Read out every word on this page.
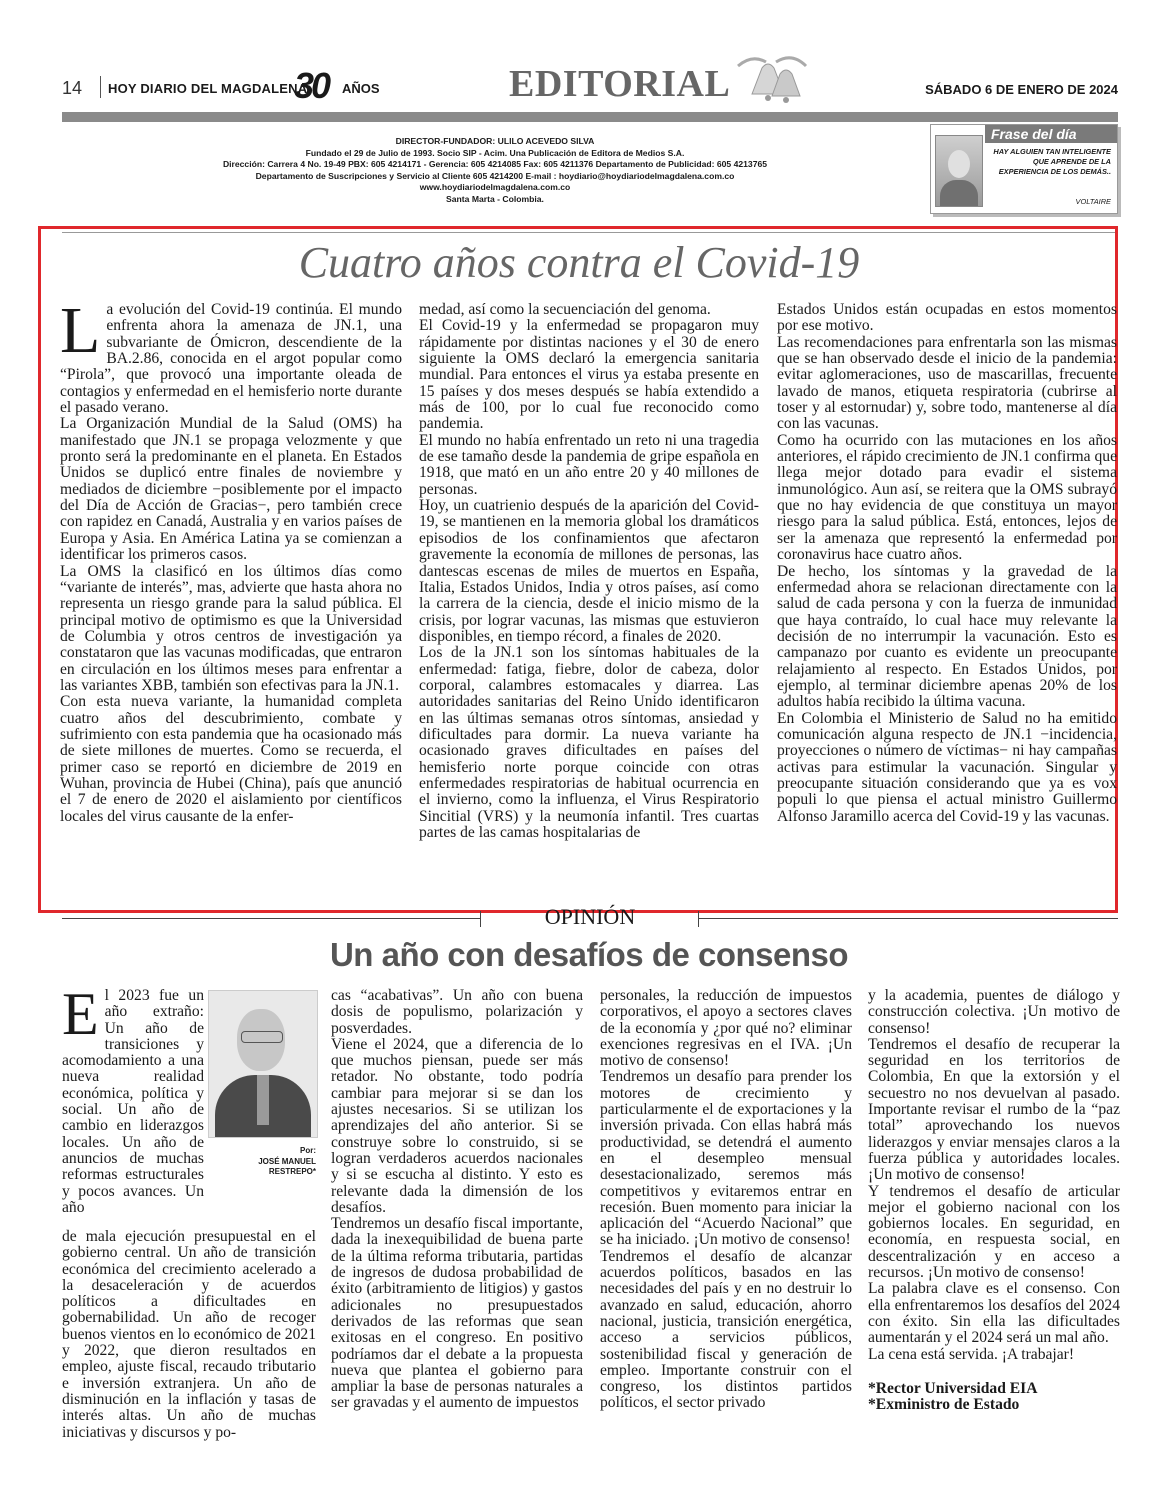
14 HOY DIARIO DEL MAGDALENA
30 AÑOS	EDITORIAL	SÁBADO 6 DE ENERO DE 2024
DIRECTOR-FUNDADOR: ULILO ACEVEDO SILVA
Fundado el 29 de Julio de 1993. Socio SIP - Acim. Una Publicación de Editora de Medios S.A.
Dirección: Carrera 4 No. 19-49 PBX: 605 4214171 - Gerencia: 605 4214085 Fax: 605 4211376 Departamento de Publicidad: 605 4213765
Departamento de Suscripciones y Servicio al Cliente 605 4214200 E-mail : hoydiario@hoydiariodelmagdalena.com.co
www.hoydiariodelmagdalena.com.co
Santa Marta - Colombia.
Frase del día
HAY ALGUIEN TAN INTELIGENTE QUE APRENDE DE LA EXPERIENCIA DE LOS DEMÁS..
VOLTAIRE
Cuatro años contra el Covid-19

La evolución del Covid-19 continúa. El mundo enfrenta ahora la amenaza de JN.1, una subvariante de Ómicron, descendiente de la BA.2.86, conocida en el argot popular como “Pirola”, que provocó una importante oleada de contagios y enfermedad en el hemisferio norte durante el pasado verano.

La Organización Mundial de la Salud (OMS) ha manifestado que JN.1 se propaga velozmente y que pronto será la predominante en el planeta. En Estados Unidos se duplicó entre finales de noviembre y mediados de diciembre −posiblemente por el impacto del Día de Acción de Gracias−, pero también crece con rapidez en Canadá, Australia y en varios países de Europa y Asia. En América Latina ya se comienzan a identificar los primeros casos.

La OMS la clasificó en los últimos días como “variante de interés”, mas, advierte que hasta ahora no representa un riesgo grande para la salud pública. El principal motivo de optimismo es que la Universidad de Columbia y otros centros de investigación ya constataron que las vacunas modificadas, que entraron en circulación en los últimos meses para enfrentar a las variantes XBB, también son efectivas para la JN.1.

Con esta nueva variante, la humanidad completa cuatro años del descubrimiento, combate y sufrimiento con esta pandemia que ha ocasionado más de siete millones de muertes. Como se recuerda, el primer caso se reportó en diciembre de 2019 en Wuhan, provincia de Hubei (China), país que anunció el 7 de enero de 2020 el aislamiento por científicos locales del virus causante de la enfer-

medad, así como la secuenciación del genoma.

El Covid-19 y la enfermedad se propagaron muy rápidamente por distintas naciones y el 30 de enero siguiente la OMS declaró la emergencia sanitaria mundial. Para entonces el virus ya estaba presente en 15 países y dos meses después se había extendido a más de 100, por lo cual fue reconocido como pandemia.

El mundo no había enfrentado un reto ni una tragedia de ese tamaño desde la pandemia de gripe española en 1918, que mató en un año entre 20 y 40 millones de personas.

Hoy, un cuatrienio después de la aparición del Covid-19, se mantienen en la memoria global los dramáticos episodios de los confinamientos que afectaron gravemente la economía de millones de personas, las dantescas escenas de miles de muertos en España, Italia, Estados Unidos, India y otros países, así como la carrera de la ciencia, desde el inicio mismo de la crisis, por lograr vacunas, las mismas que estuvieron disponibles, en tiempo récord, a finales de 2020.

Los de la JN.1 son los síntomas habituales de la enfermedad: fatiga, fiebre, dolor de cabeza, dolor corporal, calambres estomacales y diarrea. Las autoridades sanitarias del Reino Unido identificaron en las últimas semanas otros síntomas, ansiedad y dificultades para dormir. La nueva variante ha ocasionado graves dificultades en países del hemisferio norte porque coincide con otras enfermedades respiratorias de habitual ocurrencia en el invierno, como la influenza, el Virus Respiratorio Sincitial (VRS) y la neumonía infantil. Tres cuartas partes de las camas hospitalarias de

Estados Unidos están ocupadas en estos momentos por ese motivo.

Las recomendaciones para enfrentarla son las mismas que se han observado desde el inicio de la pandemia: evitar aglomeraciones, uso de mascarillas, frecuente lavado de manos, etiqueta respiratoria (cubrirse al toser y al estornudar) y, sobre todo, mantenerse al día con las vacunas.

Como ha ocurrido con las mutaciones en los años anteriores, el rápido crecimiento de JN.1 confirma que llega mejor dotado para evadir el sistema inmunológico. Aun así, se reitera que la OMS subrayó que no hay evidencia de que constituya un mayor riesgo para la salud pública. Está, entonces, lejos de ser la amenaza que representó la enfermedad por coronavirus hace cuatro años.

De hecho, los síntomas y la gravedad de la enfermedad ahora se relacionan directamente con la salud de cada persona y con la fuerza de inmunidad que haya contraído, lo cual hace muy relevante la decisión de no interrumpir la vacunación. Esto es campanazo por cuanto es evidente un preocupante relajamiento al respecto. En Estados Unidos, por ejemplo, al terminar diciembre apenas 20% de los adultos había recibido la última vacuna.

En Colombia el Ministerio de Salud no ha emitido comunicación alguna respecto de JN.1 −incidencia, proyecciones o número de víctimas− ni hay campañas activas para estimular la vacunación. Singular y preocupante situación considerando que ya es vox populi lo que piensa el actual ministro Guillermo Alfonso Jaramillo acerca del Covid-19 y las vacunas.

OPINIÓN
Un año con desafíos de consenso

El 2023 fue un año extraño: Un año de transiciones y acomodamiento a una nueva realidad económica, política y social. Un año de cambio en liderazgos locales. Un año de anuncios de muchas reformas estructurales y pocos avances. Un año

Por:
JOSÉ MANUEL RESTREPO*

de mala ejecución presupuestal en el gobierno central. Un año de transición económica del crecimiento acelerado a la desaceleración y de acuerdos políticos a dificultades en gobernabilidad. Un año de recoger buenos vientos en lo económico de 2021 y 2022, que dieron resultados en empleo, ajuste fiscal, recaudo tributario e inversión extranjera. Un año de disminución en la inflación y tasas de interés altas. Un año de muchas iniciativas y discursos y po-

cas “acabativas”. Un año con buena dosis de populismo, polarización y posverdades.

Viene el 2024, que a diferencia de lo que muchos piensan, puede ser más retador. No obstante, todo podría cambiar para mejorar si se dan los ajustes necesarios. Si se utilizan los aprendizajes del año anterior. Si se construye sobre lo construido, si se logran verdaderos acuerdos nacionales y si se escucha al distinto. Y esto es relevante dada la dimensión de los desafíos.

Tendremos un desafío fiscal importante, dada la inexequibilidad de buena parte de la última reforma tributaria, partidas de ingresos de dudosa probabilidad de éxito (arbitramiento de litigios) y gastos adicionales no presupuestados derivados de las reformas que sean exitosas en el congreso. En positivo podríamos dar el debate a la propuesta nueva que plantea el gobierno para ampliar la base de personas naturales a ser gravadas y el aumento de impuestos

personales, la reducción de impuestos corporativos, el apoyo a sectores claves de la economía y ¿por qué no? eliminar exenciones regresivas en el IVA. ¡Un motivo de consenso!

Tendremos un desafío para prender los motores de crecimiento y particularmente el de exportaciones y la inversión privada. Con ellas habrá más productividad, se detendrá el aumento en el desempleo mensual desestacionalizado, seremos más competitivos y evitaremos entrar en recesión. Buen momento para iniciar la aplicación del “Acuerdo Nacional” que se ha iniciado. ¡Un motivo de consenso!

Tendremos el desafío de alcanzar acuerdos políticos, basados en las necesidades del país y en no destruir lo avanzado en salud, educación, ahorro nacional, justicia, transición energética, acceso a servicios públicos, sostenibilidad fiscal y generación de empleo. Importante construir con el congreso, los distintos partidos políticos, el sector privado

y la academia, puentes de diálogo y construcción colectiva. ¡Un motivo de consenso!

Tendremos el desafío de recuperar la seguridad en los territorios de Colombia, En que la extorsión y el secuestro no nos devuelvan al pasado. Importante revisar el rumbo de la “paz total” aprovechando los nuevos liderazgos y enviar mensajes claros a la fuerza pública y autoridades locales. ¡Un motivo de consenso!

Y tendremos el desafío de articular mejor el gobierno nacional con los gobiernos locales. En seguridad, en economía, en respuesta social, en descentralización y en acceso a recursos. ¡Un motivo de consenso!

La palabra clave es el consenso. Con ella enfrentaremos los desafíos del 2024 con éxito. Sin ella las dificultades aumentarán y el 2024 será un mal año.

La cena está servida. ¡A trabajar!

*Rector Universidad EIA

*Exministro de Estado
